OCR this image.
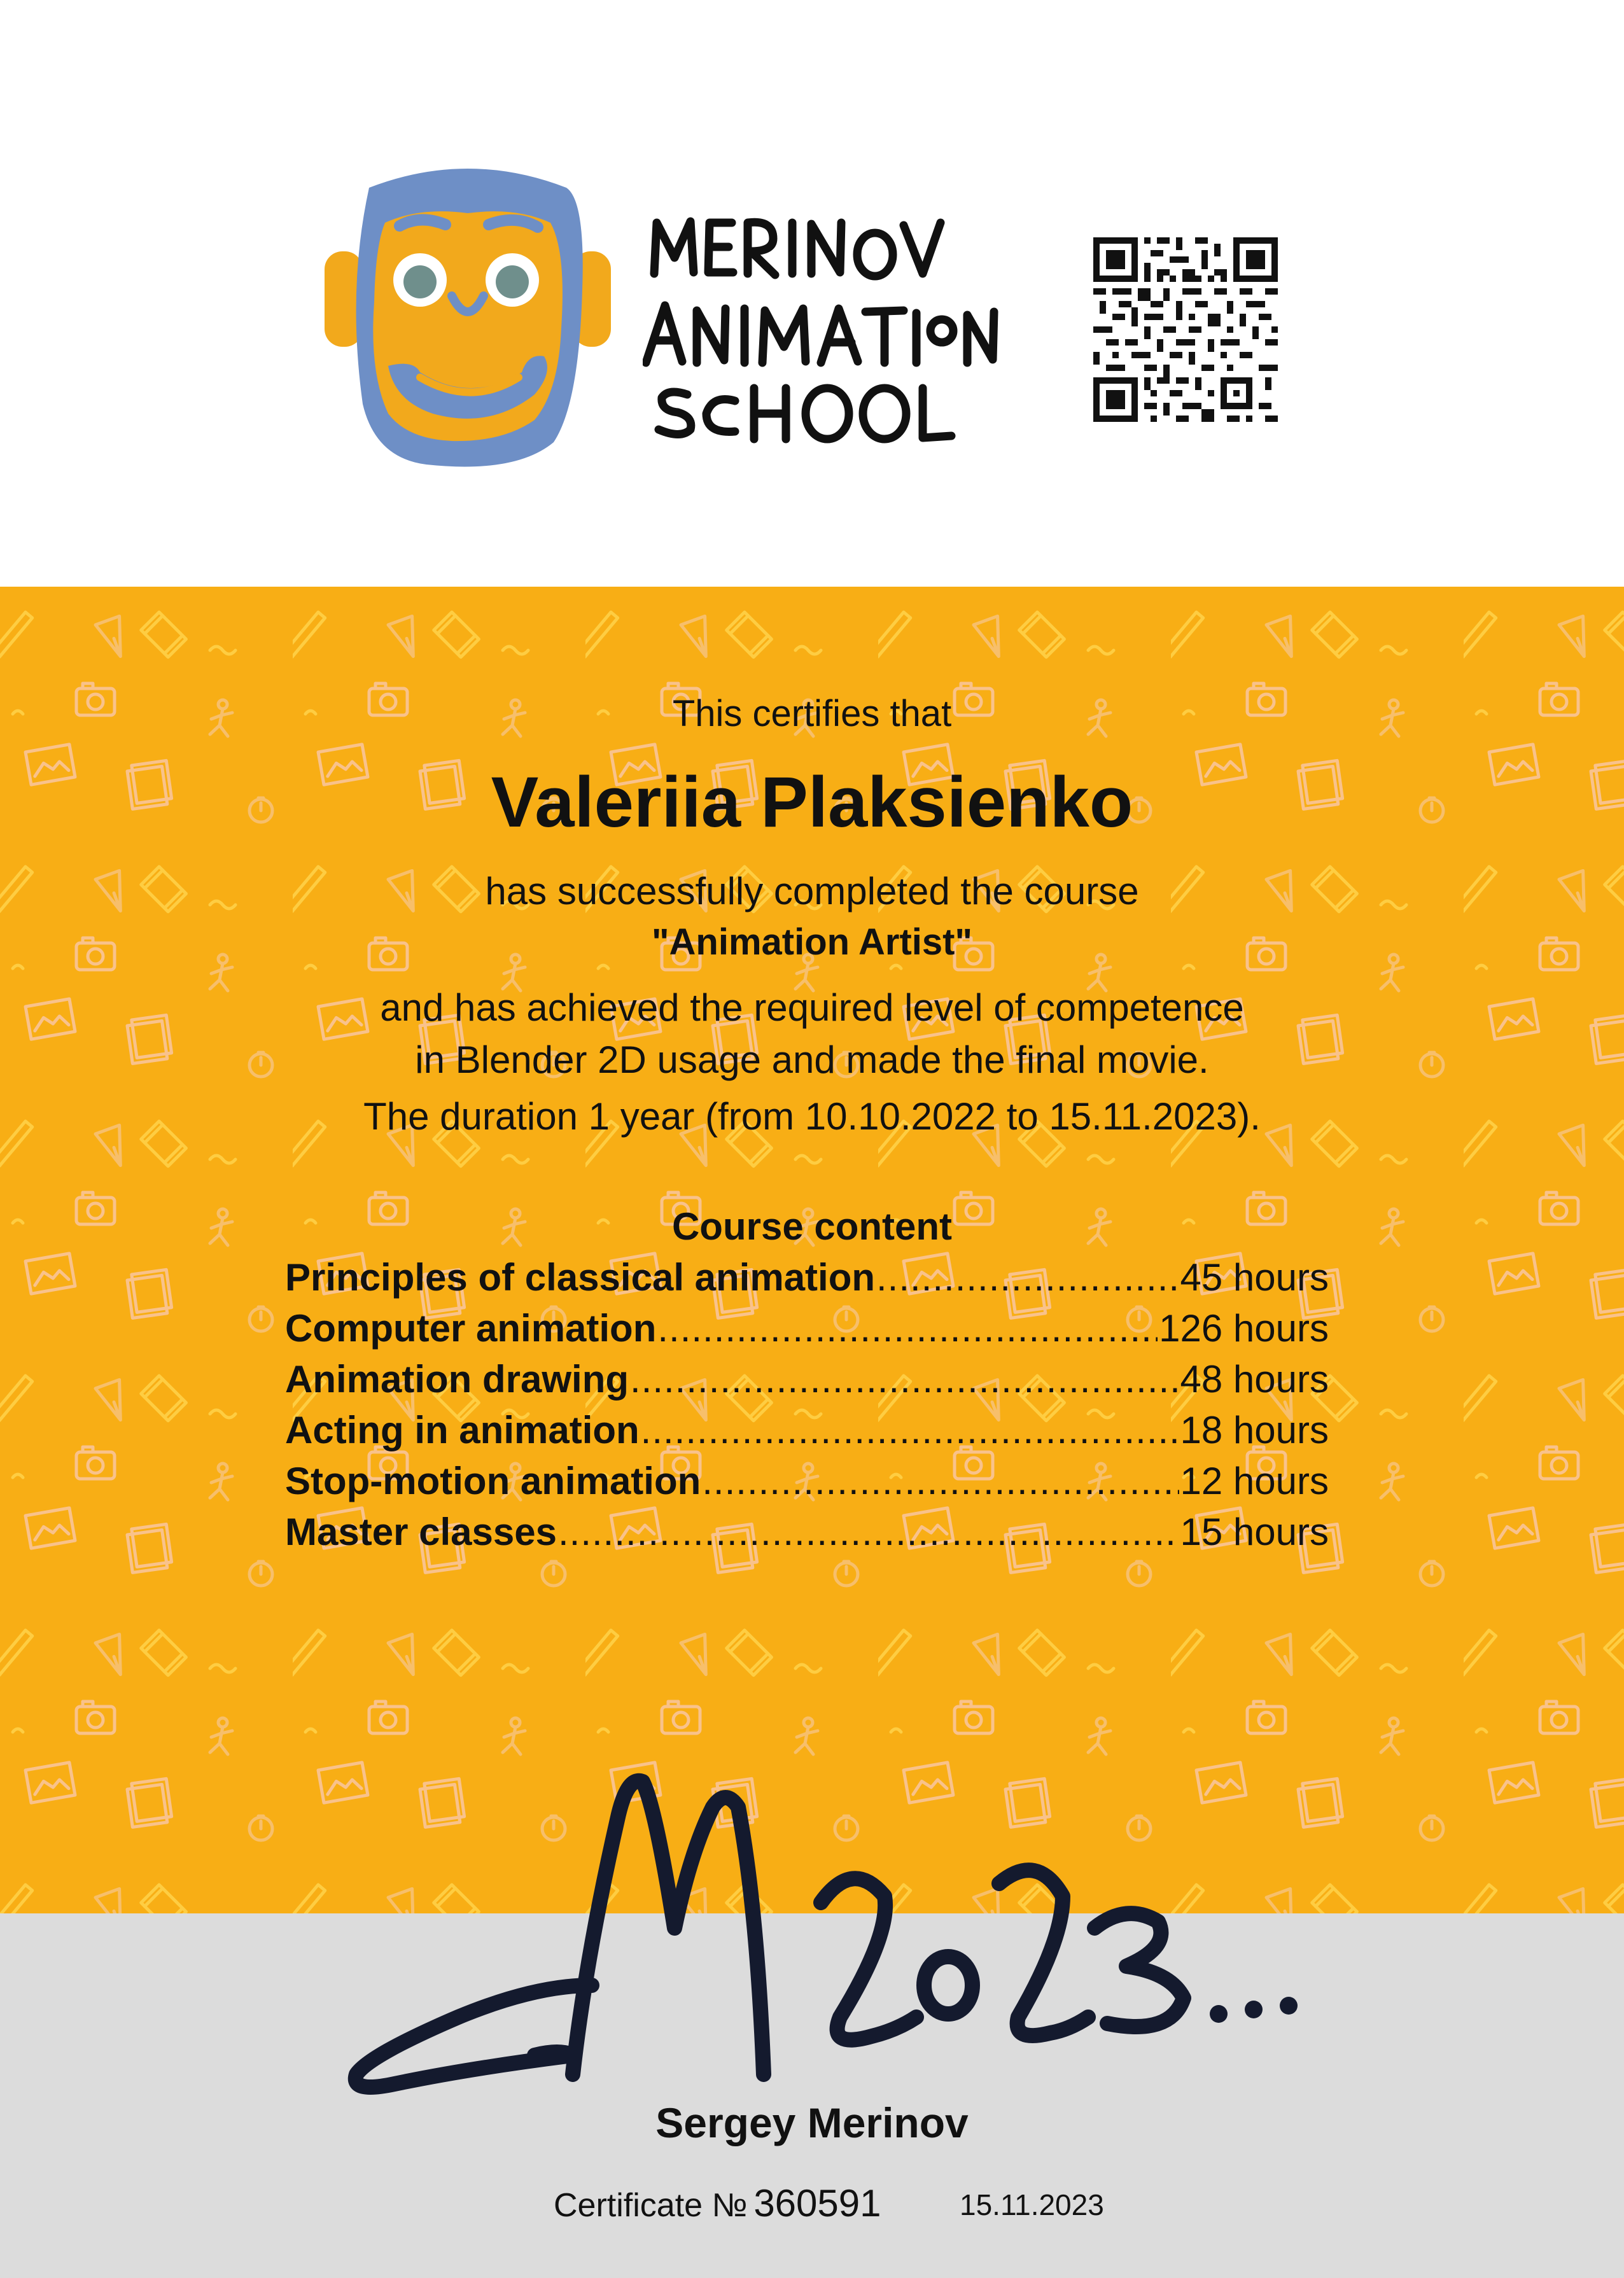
This certifies that
Valeriia Plaksienko
has successfully completed the course
"Animation Artist"
and has achieved the required level of competence
in Blender 2D usage and made the final movie.
The duration 1 year (from 10.10.2022 to 15.11.2023).
Course content
Principles of classical animation .....	45 hours
Computer animation .....	126 hours
Animation drawing .....	48 hours
Acting in animation .....	18 hours
Stop-motion animation .....	12 hours
Master classes .....	15 hours
Sergey Merinov
Certificate № 360591	15.11.2023
